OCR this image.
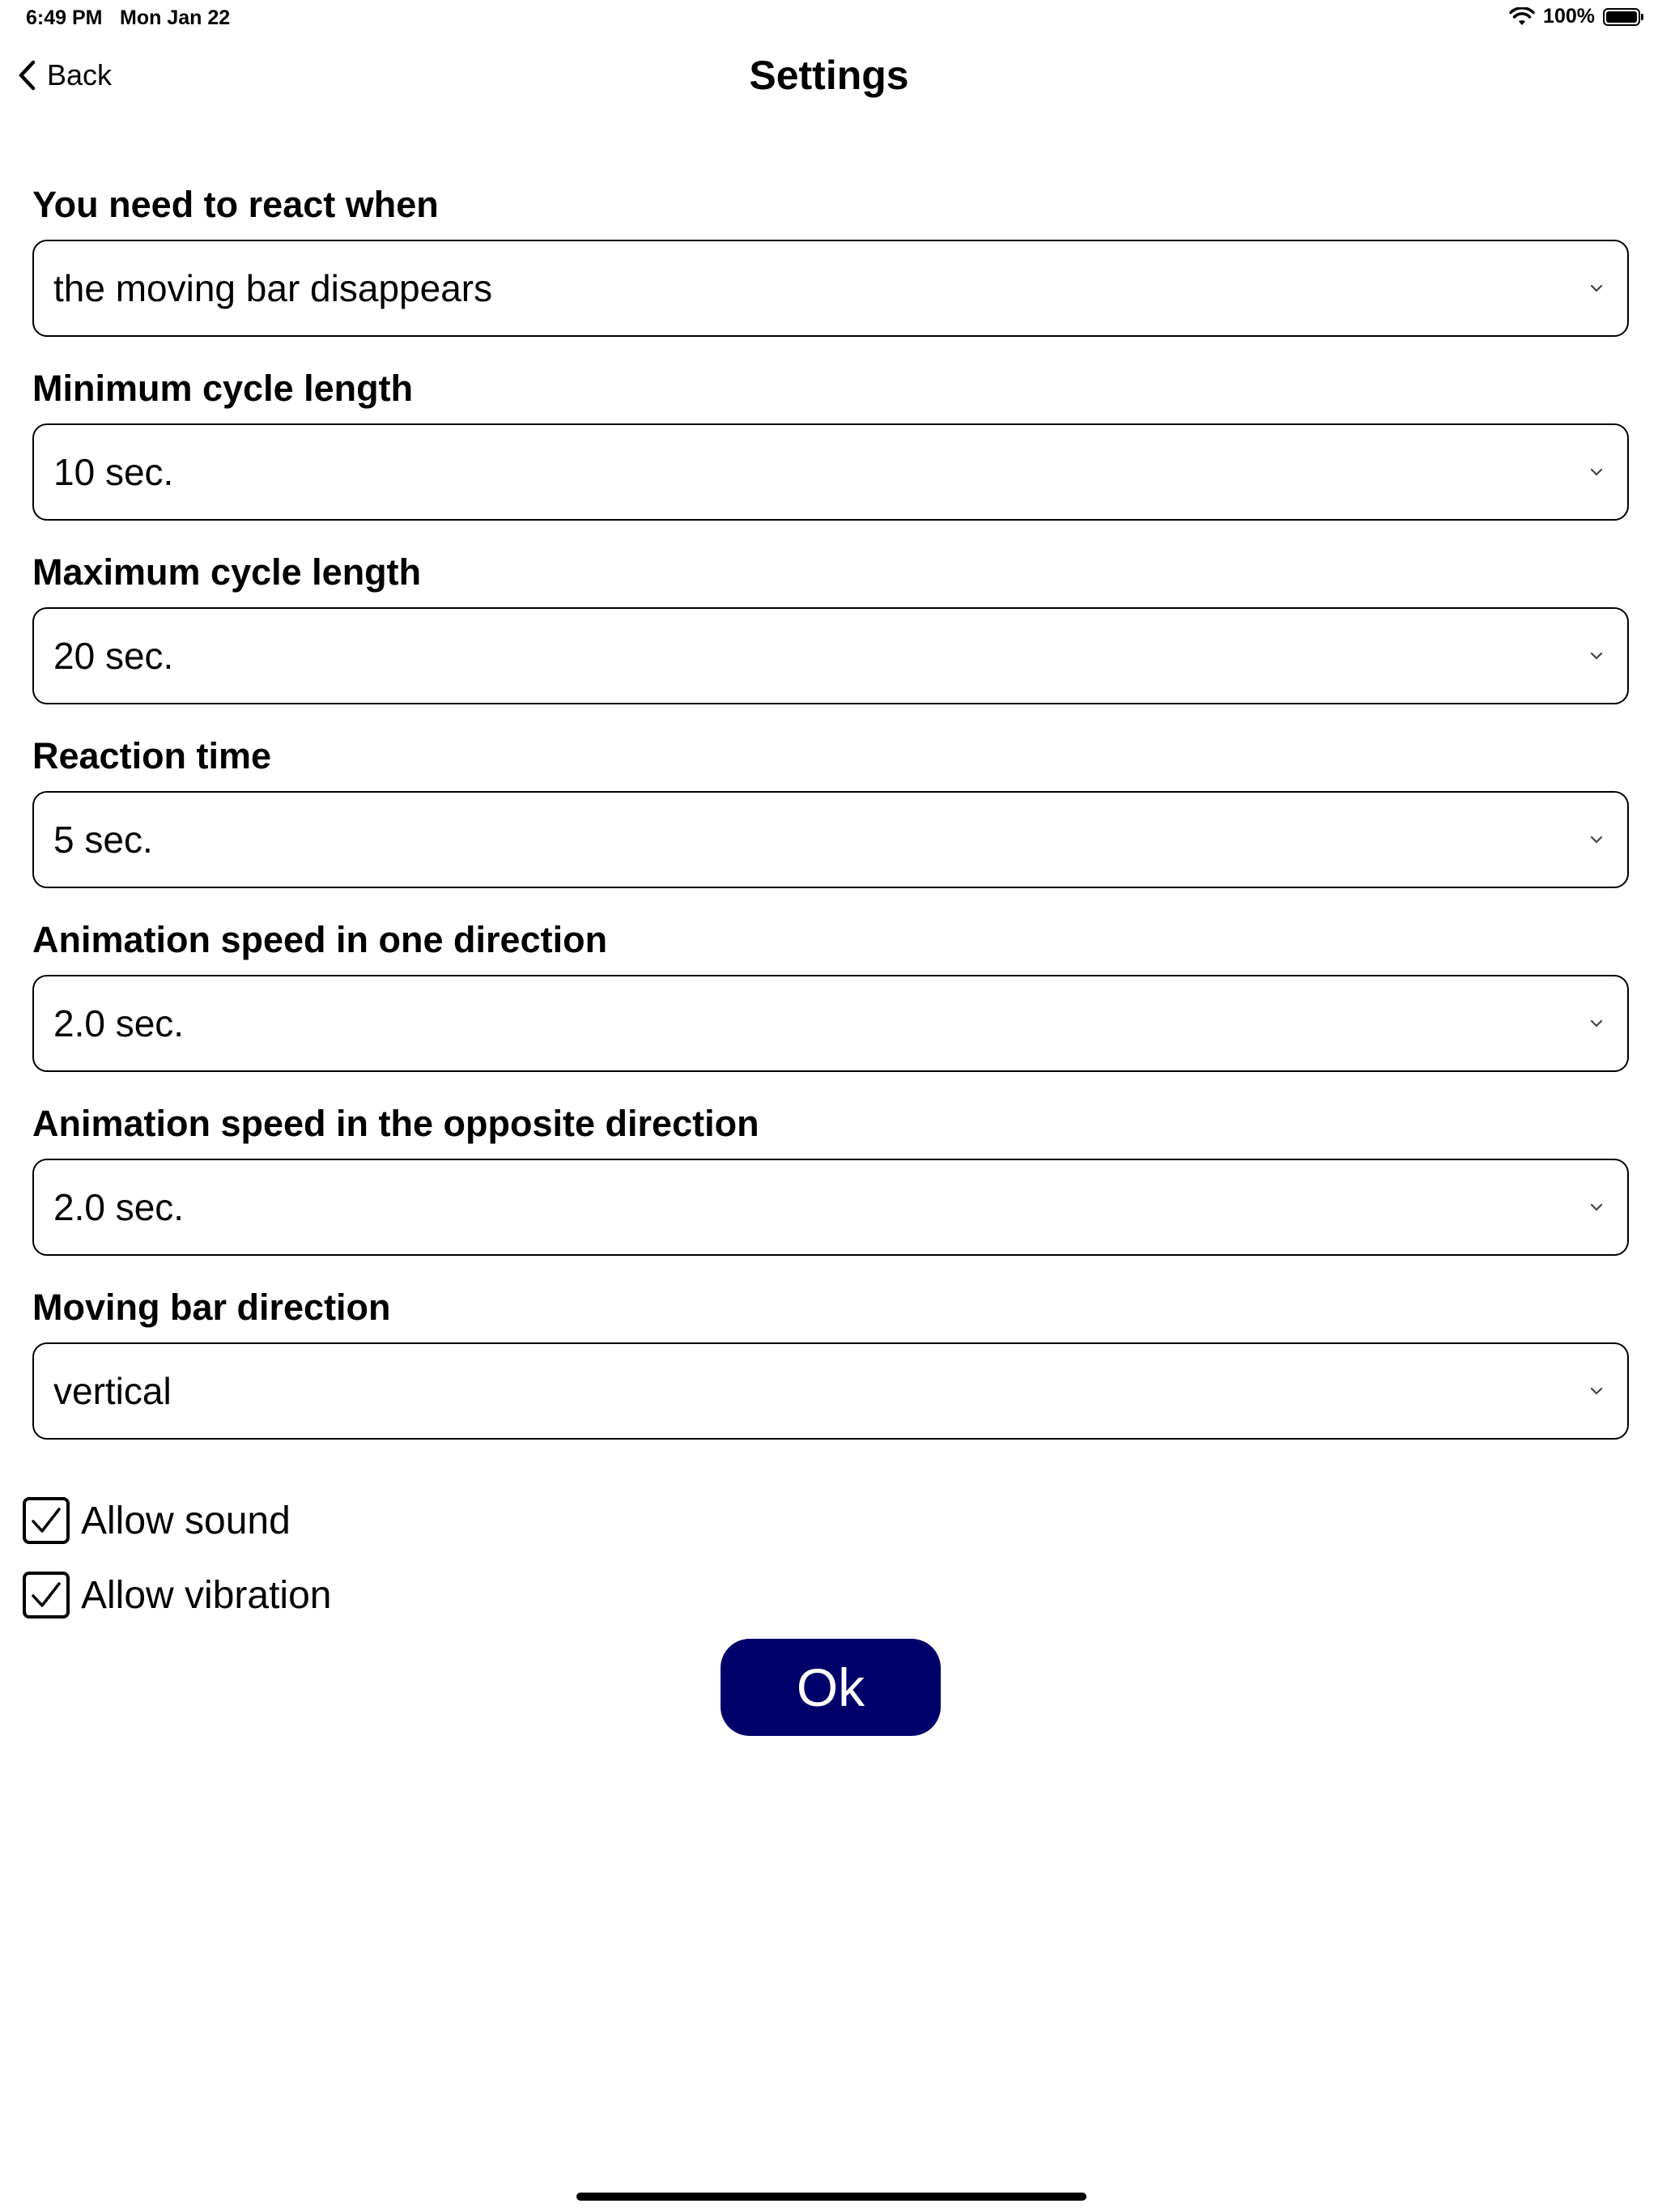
6:49 PM Mon Jan 22	100%
Back	Settings
You need to react when
the moving bar disappears
Minimum cycle length
10 sec.
Maximum cycle length
20 sec.
Reaction time
5 sec.
Animation speed in one direction
2.0 sec.
Animation speed in the opposite direction
2.0 sec.
Moving bar direction
vertical
Allow sound
Allow vibration
Ok
